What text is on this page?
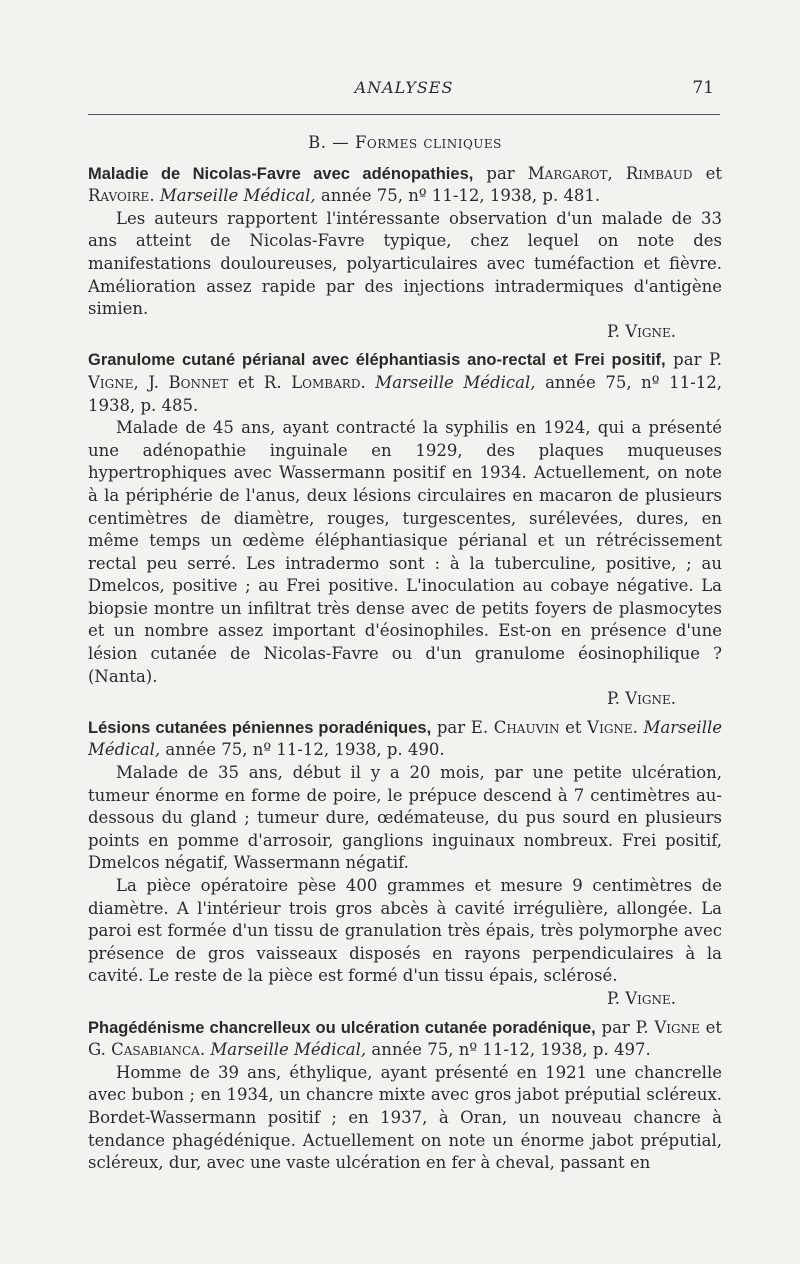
ANALYSES	71
B. — Formes cliniques
Maladie de Nicolas-Favre avec adénopathies, par Margarot, Rimbaud et Ravoire. Marseille Médical, année 75, nº 11-12, 1938, p. 481.

Les auteurs rapportent l'intéressante observation d'un malade de 33 ans atteint de Nicolas-Favre typique, chez lequel on note des manifestations douloureuses, polyarticulaires avec tuméfaction et fièvre. Amélioration assez rapide par des injections intradermiques d'antigène simien.

P. Vigne.

Granulome cutané périanal avec éléphantiasis ano-rectal et Frei positif, par P. Vigne, J. Bonnet et R. Lombard. Marseille Médical, année 75, nº 11-12, 1938, p. 485.

Malade de 45 ans, ayant contracté la syphilis en 1924, qui a présenté une adénopathie inguinale en 1929, des plaques muqueuses hypertrophiques avec Wassermann positif en 1934. Actuellement, on note à la périphérie de l'anus, deux lésions circulaires en macaron de plusieurs centimètres de diamètre, rouges, turgescentes, surélevées, dures, en même temps un œdème éléphantiasique périanal et un rétrécissement rectal peu serré. Les intradermo sont : à la tuberculine, positive, ; au Dmelcos, positive ; au Frei positive. L'inoculation au cobaye négative. La biopsie montre un infiltrat très dense avec de petits foyers de plasmocytes et un nombre assez important d'éosinophiles. Est-on en présence d'une lésion cutanée de Nicolas-Favre ou d'un granulome éosinophilique ? (Nanta).

P. Vigne.

Lésions cutanées péniennes poradéniques, par E. Chauvin et Vigne. Marseille Médical, année 75, nº 11-12, 1938, p. 490.

Malade de 35 ans, début il y a 20 mois, par une petite ulcération, tumeur énorme en forme de poire, le prépuce descend à 7 centimètres au-dessous du gland ; tumeur dure, œdémateuse, du pus sourd en plusieurs points en pomme d'arrosoir, ganglions inguinaux nombreux. Frei positif, Dmelcos négatif, Wassermann négatif.

La pièce opératoire pèse 400 grammes et mesure 9 centimètres de diamètre. A l'intérieur trois gros abcès à cavité irrégulière, allongée. La paroi est formée d'un tissu de granulation très épais, très polymorphe avec présence de gros vaisseaux disposés en rayons perpendiculaires à la cavité. Le reste de la pièce est formé d'un tissu épais, sclérosé.

P. Vigne.

Phagédénisme chancrelleux ou ulcération cutanée poradénique, par P. Vigne et G. Casabianca. Marseille Médical, année 75, nº 11-12, 1938, p. 497.

Homme de 39 ans, éthylique, ayant présenté en 1921 une chancrelle avec bubon ; en 1934, un chancre mixte avec gros jabot préputial scléreux. Bordet-Wassermann positif ; en 1937, à Oran, un nouveau chancre à tendance phagédénique. Actuellement on note un énorme jabot préputial, scléreux, dur, avec une vaste ulcération en fer à cheval, passant en
